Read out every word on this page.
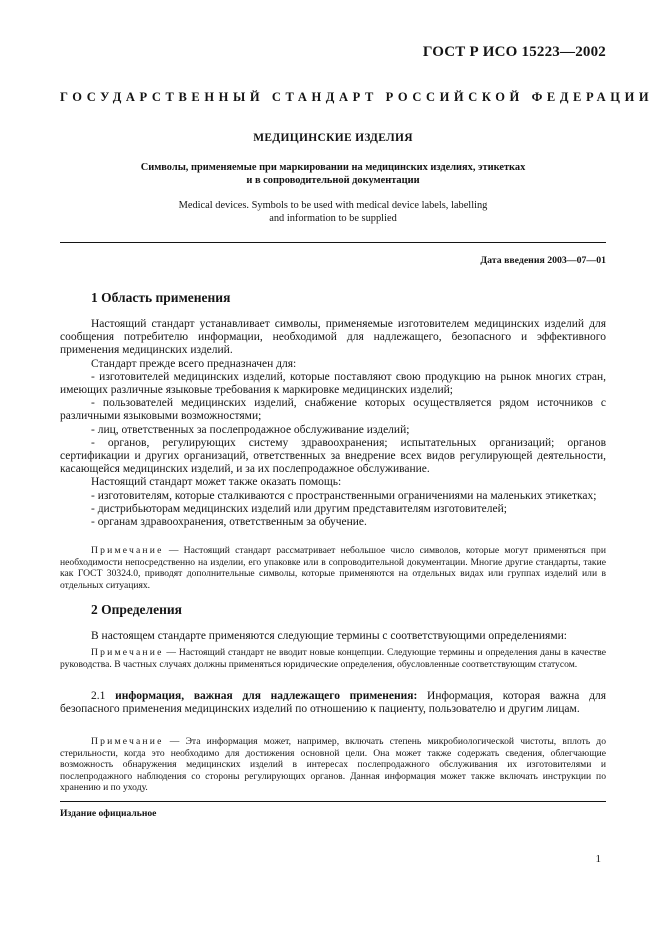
ГОСТ Р ИСО 15223—2002
ГОСУДАРСТВЕННЫЙ СТАНДАРТ РОССИЙСКОЙ ФЕДЕРАЦИИ
МЕДИЦИНСКИЕ ИЗДЕЛИЯ
Символы, применяемые при маркировании на медицинских изделиях, этикетках
и в сопроводительной документации
Medical devices. Symbols to be used with medical device labels, labelling
and information to be supplied
Дата введения 2003—07—01
1 Область применения

Настоящий стандарт устанавливает символы, применяемые изготовителем медицинских изделий для сообщения потребителю информации, необходимой для надлежащего, безопасного и эффективного применения медицинских изделий.

Стандарт прежде всего предназначен для:

- изготовителей медицинских изделий, которые поставляют свою продукцию на рынок многих стран, имеющих различные языковые требования к маркировке медицинских изделий;

- пользователей медицинских изделий, снабжение которых осуществляется рядом источников с различными языковыми возможностями;

- лиц, ответственных за послепродажное обслуживание изделий;

- органов, регулирующих систему здравоохранения; испытательных организаций; органов сертификации и других организаций, ответственных за внедрение всех видов регулирующей деятельности, касающейся медицинских изделий, и за их послепродажное обслуживание.

Настоящий стандарт может также оказать помощь:

- изготовителям, которые сталкиваются с пространственными ограничениями на маленьких этикетках;

- дистрибьюторам медицинских изделий или другим представителям изготовителей;

- органам здравоохранения, ответственным за обучение.

Примечание — Настоящий стандарт рассматривает небольшое число символов, которые могут применяться при необходимости непосредственно на изделии, его упаковке или в сопроводительной документации. Многие другие стандарты, такие как ГОСТ 30324.0, приводят дополнительные символы, которые применяются на отдельных видах или группах изделий или в отдельных ситуациях.

2 Определения

В настоящем стандарте применяются следующие термины с соответствующими определениями:

Примечание — Настоящий стандарт не вводит новые концепции. Следующие термины и определения даны в качестве руководства. В частных случаях должны применяться юридические определения, обусловленные соответствующим статусом.

2.1 информация, важная для надлежащего применения: Информация, которая важна для безопасного применения медицинских изделий по отношению к пациенту, пользователю и другим лицам.

Примечание — Эта информация может, например, включать степень микробиологической чистоты, вплоть до стерильности, когда это необходимо для достижения основной цели. Она может также содержать сведения, облегчающие возможность обнаружения медицинских изделий в интересах послепродажного обслуживания их изготовителями и послепродажного наблюдения со стороны регулирующих органов. Данная информация может также включать инструкции по хранению и по уходу.

Издание официальное
1
